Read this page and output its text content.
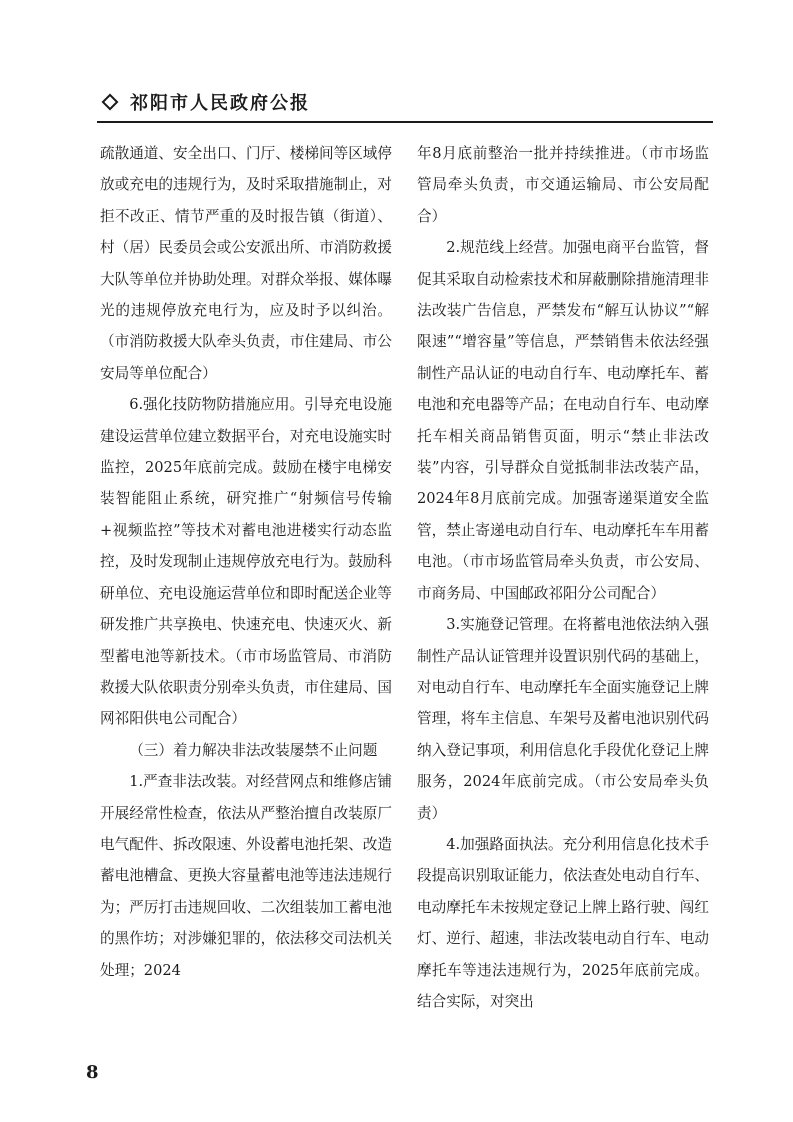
祁阳市人民政府公报

疏散通道、安全出口、门厅、楼梯间等区域停放或充电的违规行为，及时采取措施制止，对拒不改正、情节严重的及时报告镇（街道）、村（居）民委员会或公安派出所、市消防救援大队等单位并协助处理。对群众举报、媒体曝光的违规停放充电行为，应及时予以纠治。（市消防救援大队牵头负责，市住建局、市公安局等单位配合）

6.强化技防物防措施应用。引导充电设施建设运营单位建立数据平台，对充电设施实时监控，2025年底前完成。鼓励在楼宇电梯安装智能阻止系统，研究推广“射频信号传输+视频监控”等技术对蓄电池进楼实行动态监控，及时发现制止违规停放充电行为。鼓励科研单位、充电设施运营单位和即时配送企业等研发推广共享换电、快速充电、快速灭火、新型蓄电池等新技术。（市市场监管局、市消防救援大队依职责分别牵头负责，市住建局、国网祁阳供电公司配合）

（三）着力解决非法改装屡禁不止问题

1.严查非法改装。对经营网点和维修店铺开展经常性检查，依法从严整治擅自改装原厂电气配件、拆改限速、外设蓄电池托架、改造蓄电池槽盒、更换大容量蓄电池等违法违规行为；严厉打击违规回收、二次组装加工蓄电池的黑作坊；对涉嫌犯罪的，依法移交司法机关处理；2024

年8月底前整治一批并持续推进。（市市场监管局牵头负责，市交通运输局、市公安局配合）

2.规范线上经营。加强电商平台监管，督促其采取自动检索技术和屏蔽删除措施清理非法改装广告信息，严禁发布“解互认协议”“解限速”“增容量”等信息，严禁销售未依法经强制性产品认证的电动自行车、电动摩托车、蓄电池和充电器等产品；在电动自行车、电动摩托车相关商品销售页面，明示“禁止非法改装”内容，引导群众自觉抵制非法改装产品，2024年8月底前完成。加强寄递渠道安全监管，禁止寄递电动自行车、电动摩托车车用蓄电池。（市市场监管局牵头负责，市公安局、市商务局、中国邮政祁阳分公司配合）

3.实施登记管理。在将蓄电池依法纳入强制性产品认证管理并设置识别代码的基础上，对电动自行车、电动摩托车全面实施登记上牌管理，将车主信息、车架号及蓄电池识别代码纳入登记事项，利用信息化手段优化登记上牌服务，2024年底前完成。（市公安局牵头负责）

4.加强路面执法。充分利用信息化技术手段提高识别取证能力，依法查处电动自行车、电动摩托车未按规定登记上牌上路行驶、闯红灯、逆行、超速，非法改装电动自行车、电动摩托车等违法违规行为，2025年底前完成。结合实际，对突出

8
